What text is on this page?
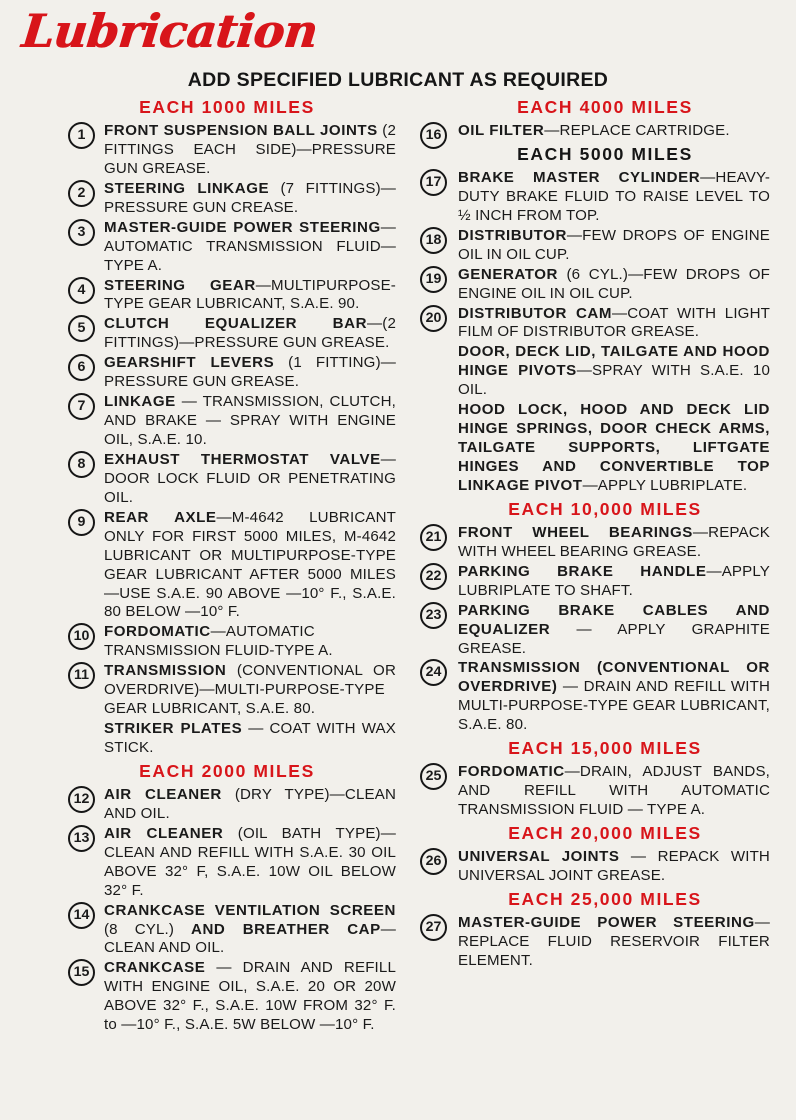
Lubrication
ADD SPECIFIED LUBRICANT AS REQUIRED
EACH 1000 MILES
1	FRONT SUSPENSION BALL JOINTS (2 FITTINGS EACH SIDE)—PRESSURE GUN GREASE.
2	STEERING LINKAGE (7 FITTINGS)—PRESSURE GUN CREASE.
3	MASTER-GUIDE POWER STEERING—AUTOMATIC TRANSMISSION FLUID—TYPE A.
4	STEERING GEAR—MULTIPURPOSE-TYPE GEAR LUBRICANT, S.A.E. 90.
5	CLUTCH EQUALIZER BAR—(2 FITTINGS)—PRESSURE GUN GREASE.
6	GEARSHIFT LEVERS (1 FITTING)—PRESSURE GUN GREASE.
7	LINKAGE — TRANSMISSION, CLUTCH, AND BRAKE — SPRAY WITH ENGINE OIL, S.A.E. 10.
8	EXHAUST THERMOSTAT VALVE—DOOR LOCK FLUID OR PENETRATING OIL.
9	REAR AXLE—M-4642 LUBRICANT ONLY FOR FIRST 5000 MILES, M-4642 LUBRICANT OR MULTIPURPOSE-TYPE GEAR LUBRICANT AFTER 5000 MILES—USE S.A.E. 90 ABOVE —10° F., S.A.E. 80 BELOW —10° F.
10 FORDOMATIC—AUTOMATIC TRANSMISSION FLUID-TYPE A.
11 TRANSMISSION (CONVENTIONAL OR OVERDRIVE)—MULTI-PURPOSE-TYPE GEAR LUBRICANT, S.A.E. 80.
STRIKER PLATES — COAT WITH WAX STICK.
EACH 2000 MILES
12 AIR CLEANER (DRY TYPE)—CLEAN AND OIL.
13 AIR CLEANER (OIL BATH TYPE)—CLEAN AND REFILL WITH S.A.E. 30 OIL ABOVE 32° F, S.A.E. 10W OIL BELOW 32° F.
14 CRANKCASE VENTILATION SCREEN (8 CYL.) AND BREATHER CAP—CLEAN AND OIL.
15 CRANKCASE — DRAIN AND REFILL WITH ENGINE OIL, S.A.E. 20 OR 20W ABOVE 32° F., S.A.E. 10W FROM 32° F. to —10° F., S.A.E. 5W BELOW —10° F.
EACH 4000 MILES
16	OIL FILTER—REPLACE CARTRIDGE.
EACH 5000 MILES
17	BRAKE MASTER CYLINDER—HEAVY-DUTY BRAKE FLUID TO RAISE LEVEL TO ½ INCH FROM TOP.
18	DISTRIBUTOR—FEW DROPS OF ENGINE OIL IN OIL CUP.
19	GENERATOR (6 CYL.)—FEW DROPS OF ENGINE OIL IN OIL CUP.
20	DISTRIBUTOR CAM—COAT WITH LIGHT FILM OF DISTRIBUTOR GREASE.
DOOR, DECK LID, TAILGATE AND HOOD HINGE PIVOTS—SPRAY WITH S.A.E. 10 OIL.
HOOD LOCK, HOOD AND DECK LID HINGE SPRINGS, DOOR CHECK ARMS, TAILGATE SUPPORTS, LIFTGATE HINGES AND CONVERTIBLE TOP LINKAGE PIVOT—APPLY LUBRIPLATE.
EACH 10,000 MILES
21	FRONT WHEEL BEARINGS—REPACK WITH WHEEL BEARING GREASE.
22	PARKING BRAKE HANDLE—APPLY LUBRIPLATE TO SHAFT.
23	PARKING BRAKE CABLES AND EQUALIZER — APPLY GRAPHITE GREASE.
24	TRANSMISSION (CONVENTIONAL OR OVERDRIVE) — DRAIN AND REFILL WITH MULTI-PURPOSE-TYPE GEAR LUBRICANT, S.A.E. 80.
EACH 15,000 MILES
25	FORDOMATIC—DRAIN, ADJUST BANDS, AND REFILL WITH AUTOMATIC TRANSMISSION FLUID — TYPE A.
EACH 20,000 MILES
26	UNIVERSAL JOINTS — REPACK WITH UNIVERSAL JOINT GREASE.
EACH 25,000 MILES
27	MASTER-GUIDE POWER STEERING—REPLACE FLUID RESERVOIR FILTER ELEMENT.
